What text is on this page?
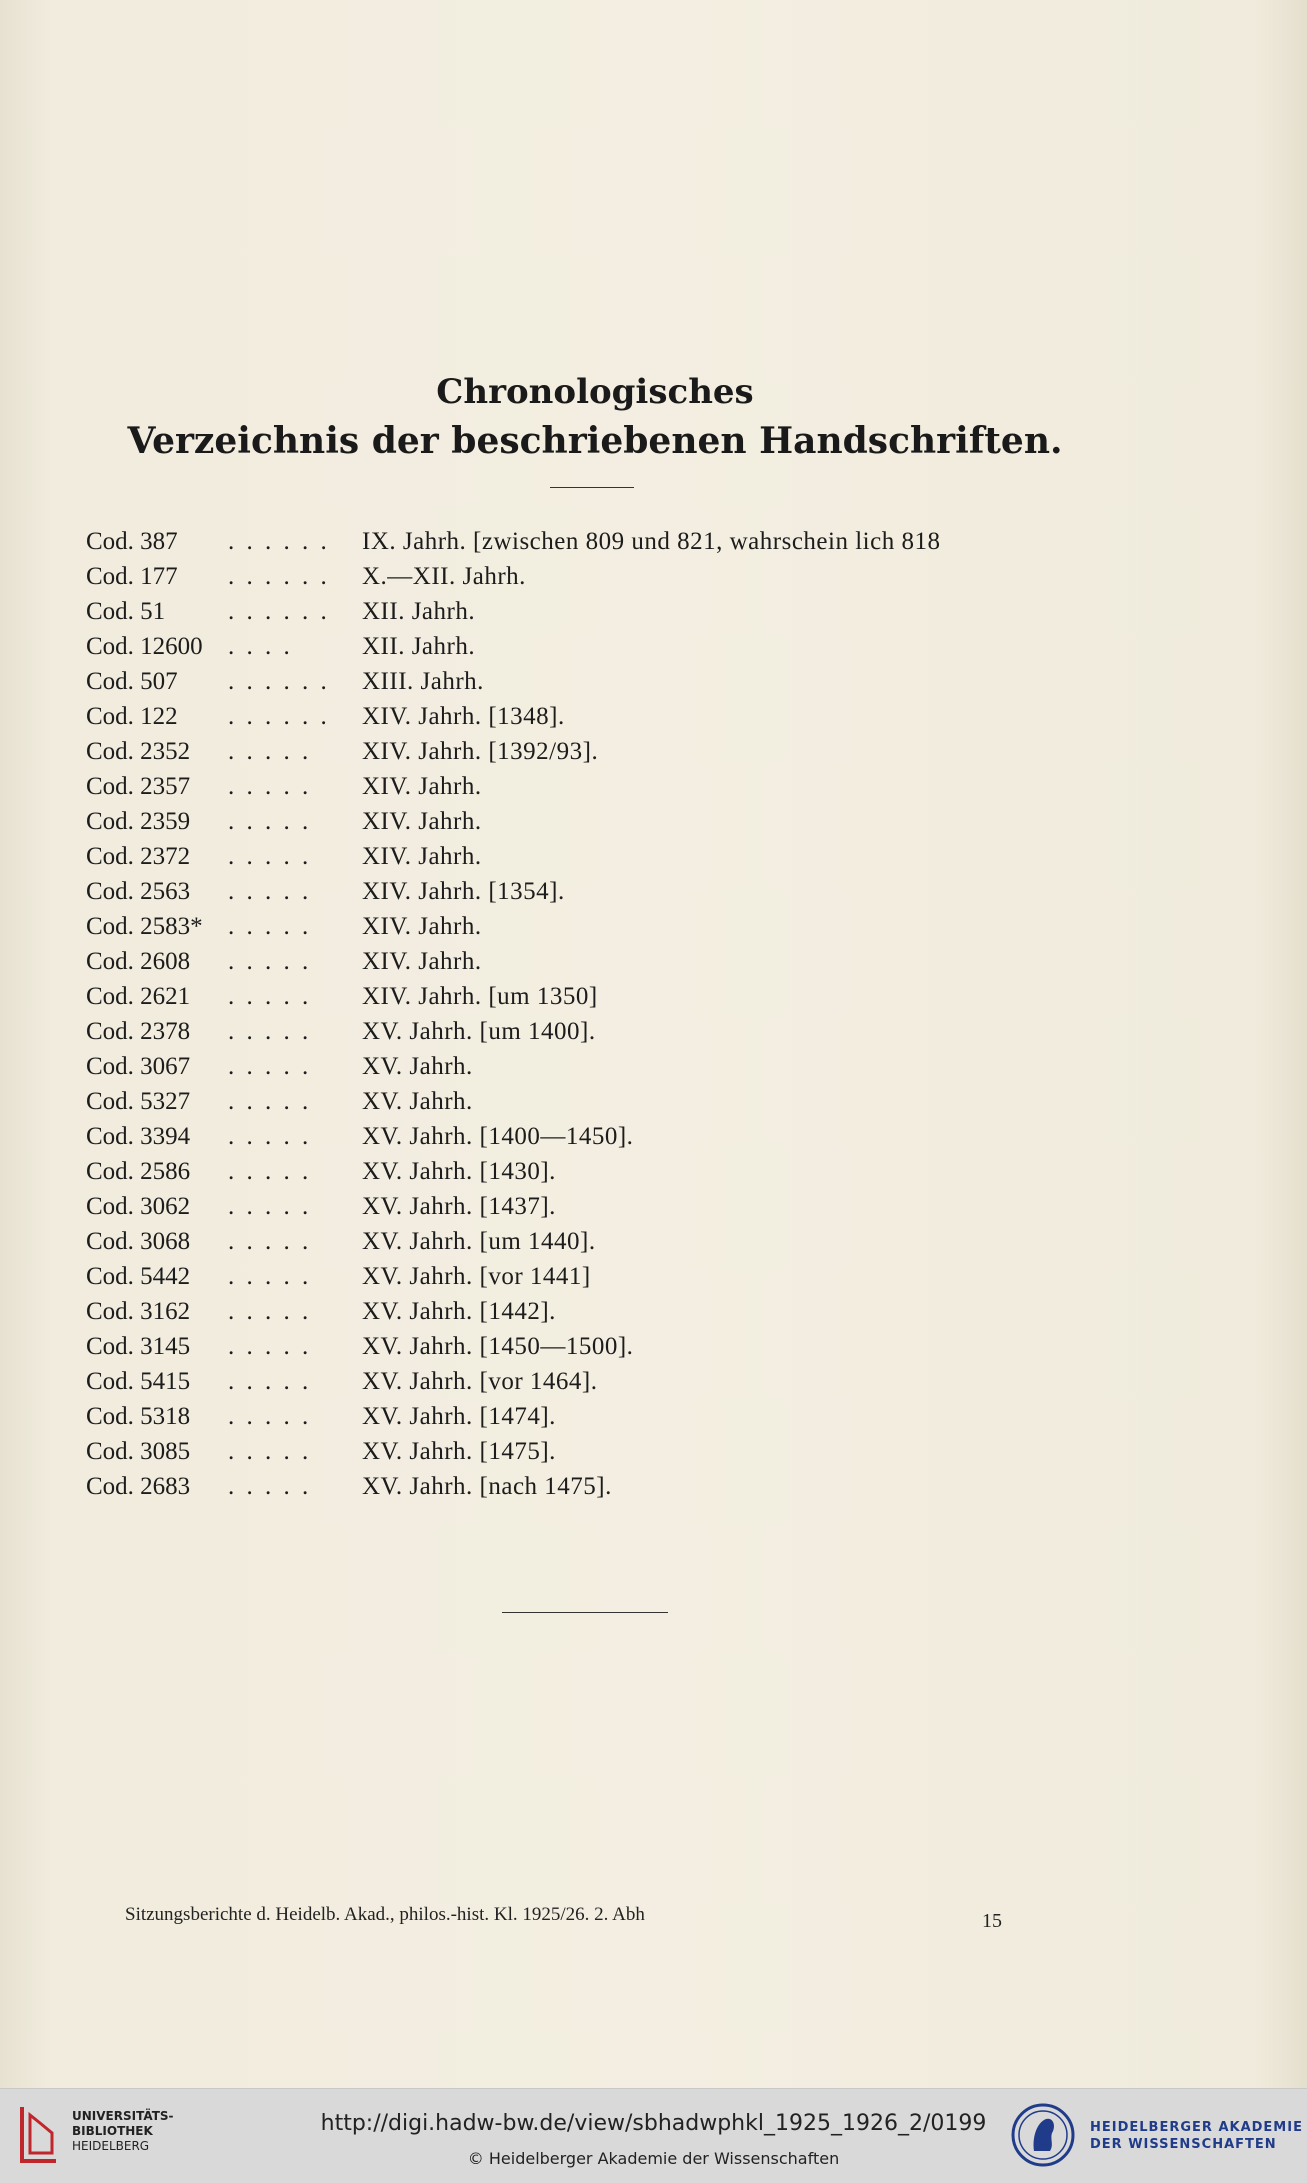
Chronologisches
Verzeichnis der beschriebenen Handschriften.
Cod. 387 . . . . . . IX. Jahrh. [zwischen 809 und 821, wahrschein lich 818
Cod. 177 . . . . . . X.—XII. Jahrh.
Cod. 51	. . . . . . XII. Jahrh.
Cod. 12600 . . . .	XII. Jahrh.
Cod. 507 . . . . . . XIII. Jahrh.
Cod. 122 . . . . . . XIV. Jahrh. [1348].
Cod. 2352 . . . . . XIV. Jahrh. [1392/93].
Cod. 2357 . . . . . XIV. Jahrh.
Cod. 2359 . . . . . XIV. Jahrh.
Cod. 2372 . . . . . XIV. Jahrh.
Cod. 2563 . . . . . XIV. Jahrh. [1354].
Cod. 2583* . . . . . XIV. Jahrh.
Cod. 2608 . . . . . XIV. Jahrh.
Cod. 2621 . . . . . XIV. Jahrh. [um 1350]
Cod. 2378 . . . . . XV. Jahrh. [um 1400].
Cod. 3067 . . . . . XV. Jahrh.
Cod. 5327 . . . . . XV. Jahrh.
Cod. 3394 . . . . . XV. Jahrh. [1400—1450].
Cod. 2586 . . . . . XV. Jahrh. [1430].
Cod. 3062 . . . . . XV. Jahrh. [1437].
Cod. 3068 . . . . . XV. Jahrh. [um 1440].
Cod. 5442 . . . . . XV. Jahrh. [vor 1441]
Cod. 3162 . . . . . XV. Jahrh. [1442].
Cod. 3145 . . . . . XV. Jahrh. [1450—1500].
Cod. 5415 . . . . . XV. Jahrh. [vor 1464].
Cod. 5318 . . . . . XV. Jahrh. [1474].
Cod. 3085 . . . . . XV. Jahrh. [1475].
Cod. 2683 . . . . . XV. Jahrh. [nach 1475].
Sitzungsberichte d. Heidelb. Akad., philos.-hist. Kl. 1925/26. 2. Abh	15
UNIVERSITÄTS-
BIBLIOTHEK
HEIDELBERG
http://digi.hadw-bw.de/view/sbhadwphkl_1925_1926_2/0199
© Heidelberger Akademie der Wissenschaften
HEIDELBERGER AKADEMIE
DER WISSENSCHAFTEN
